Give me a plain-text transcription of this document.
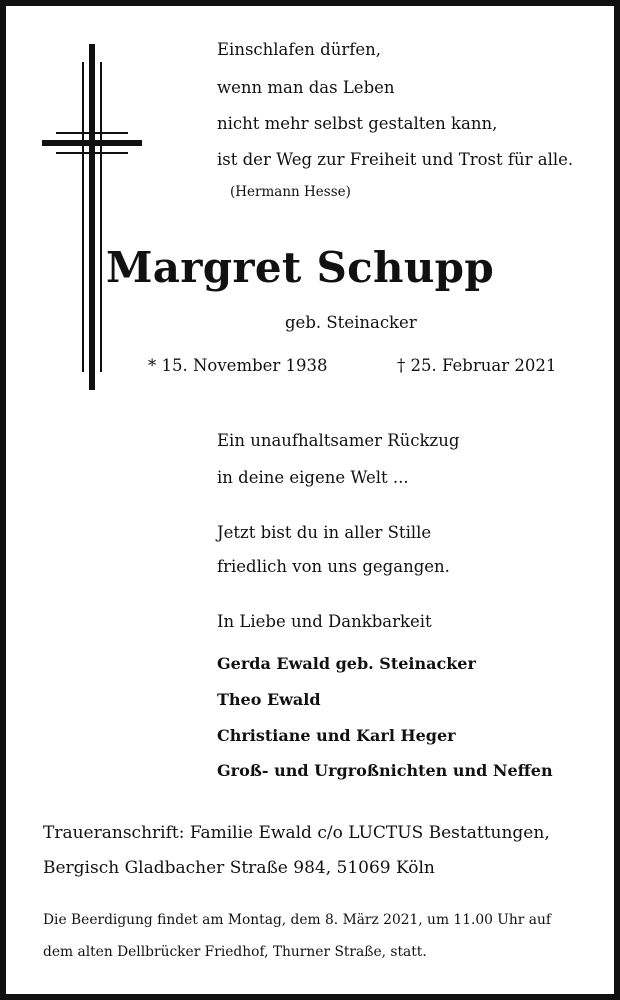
Einschlafen dürfen,
wenn man das Leben
nicht mehr selbst gestalten kann,
ist der Weg zur Freiheit und Trost für alle.
(Hermann Hesse)
Margret Schupp
geb. Steinacker
* 15. November 1938	† 25. Februar 2021
Ein unaufhaltsamer Rückzug
in deine eigene Welt ...
Jetzt bist du in aller Stille
friedlich von uns gegangen.
In Liebe und Dankbarkeit
Gerda Ewald geb. Steinacker
Theo Ewald
Christiane und Karl Heger
Groß- und Urgroßnichten und Neffen
Traueranschrift: Familie Ewald c/o LUCTUS Bestattungen,
Bergisch Gladbacher Straße 984, 51069 Köln
Die Beerdigung findet am Montag, dem 8. März 2021, um 11.00 Uhr auf
dem alten Dellbrücker Friedhof, Thurner Straße, statt.
